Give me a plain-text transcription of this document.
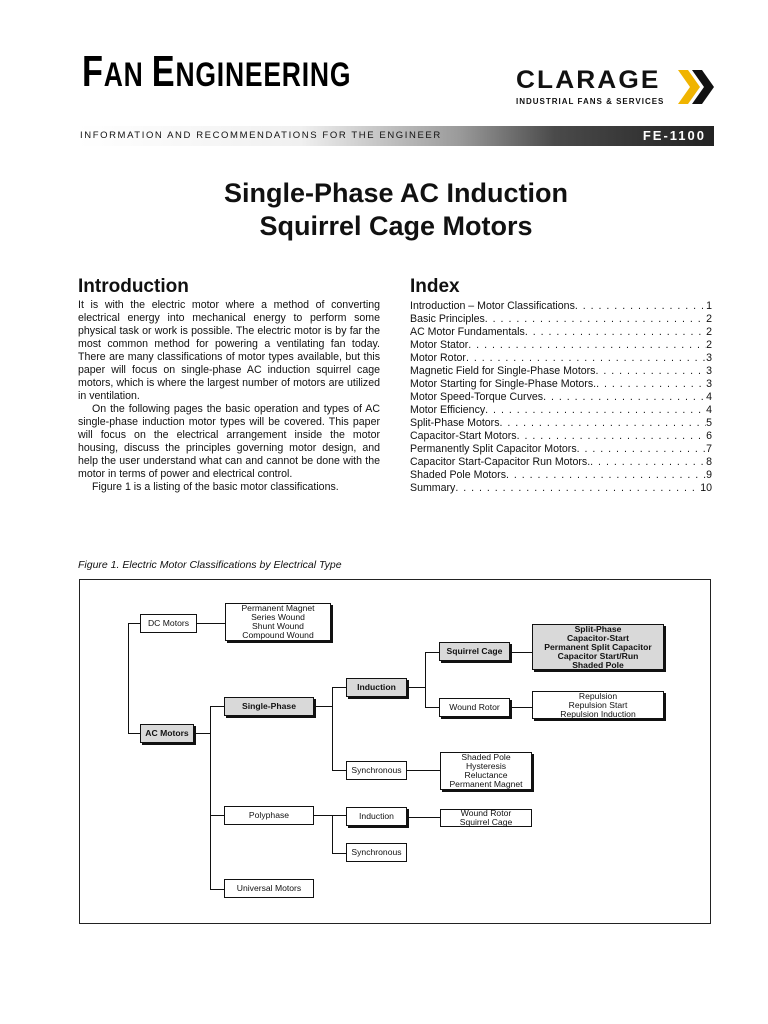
FAN ENGINEERING	CLARAGE
INDUSTRIAL FANS & SERVICES
INFORMATION AND RECOMMENDATIONS FOR THE ENGINEER	FE-1100
Single-Phase AC Induction
Squirrel Cage Motors
Introduction

It is with the electric motor where a method of converting electrical energy into mechanical energy to perform some physical task or work is possible. The electric motor is by far the most common method for powering a ventilating fan today. There are many classifications of motor types available, but this paper will focus on single-phase AC induction squirrel cage motors, which is where the largest number of motors are utilized in ventilation.

On the following pages the basic operation and types of AC single-phase induction motor types will be covered. This paper will focus on the electrical arrangement inside the motor housing, discuss the principles governing motor design, and help the user understand what can and cannot be done with the motor in terms of power and electrical control.

Figure 1 is a listing of the basic motor classifications.

Index
Introduction – Motor Classifications . . .	1
Basic Principles . . .	2
AC Motor Fundamentals . . .	2
Motor Stator . . .	2
Motor Rotor . . .	3
Magnetic Field for Single-Phase Motors . . .	3
Motor Starting for Single-Phase Motors. . . .	3
Motor Speed-Torque Curves . . .	4
Motor Efficiency . . .	4
Split-Phase Motors . . .	5
Capacitor-Start Motors . . .	6
Permanently Split Capacitor Motors . . .	7
Capacitor Start-Capacitor Run Motors. . . .	8
Shaded Pole Motors . . .	9
Summary . . .	10
Figure 1. Electric Motor Classifications by Electrical Type
DC Motors
Permanent Magnet
Series Wound
Shunt Wound
Compound Wound
AC Motors
Single-Phase
Induction
Squirrel Cage
Split-Phase
Capacitor-Start
Permanent Split Capacitor
Capacitor Start/Run
Shaded Pole
Wound Rotor
Repulsion
Repulsion Start
Repulsion Induction
Synchronous
Shaded Pole
Hysteresis
Reluctance
Permanent Magnet
Polyphase	Induction	Wound Rotor
Squirrel Cage
Synchronous
Universal Motors
